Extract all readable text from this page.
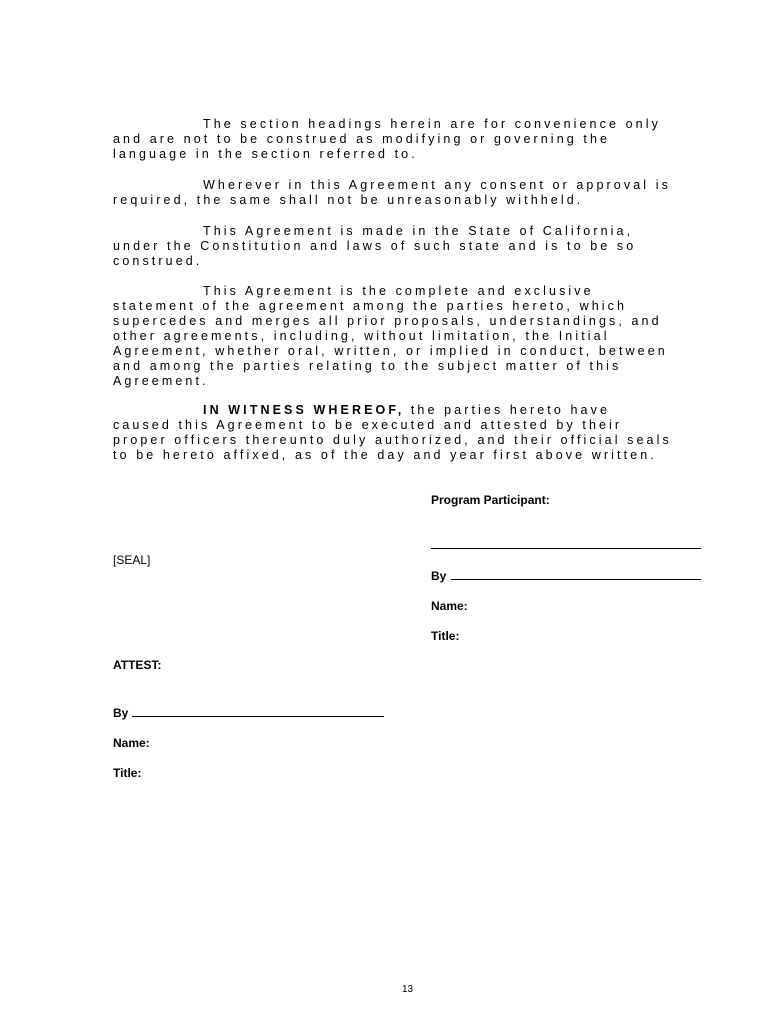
The section headings herein are for convenience only and are not to be construed as modifying or governing the language in the section referred to.

Wherever in this Agreement any consent or approval is required, the same shall not be unreasonably withheld.

This Agreement is made in the State of California, under the Constitution and laws of such state and is to be so construed.

This Agreement is the complete and exclusive statement of the agreement among the parties hereto, which supercedes and merges all prior proposals, understandings, and other agreements, including, without limitation, the Initial Agreement, whether oral, written, or implied in conduct, between and among the parties relating to the subject matter of this Agreement.

IN WITNESS WHEREOF, the parties hereto have caused this Agreement to be executed and attested by their proper officers thereunto duly authorized, and their official seals to be hereto affixed, as of the day and year first above written.

Program Participant:
By
Name:
Title:
[SEAL]
ATTEST:
By
Name:
Title:
13
